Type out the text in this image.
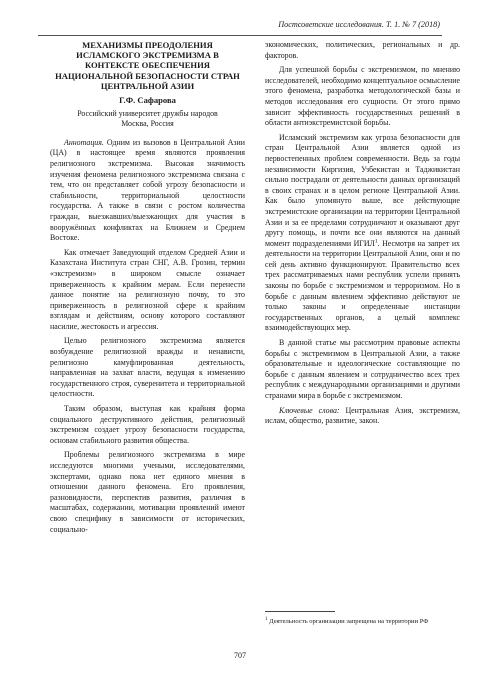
Постсоветские исследования. Т. 1. № 7 (2018)

МЕХАНИЗМЫ ПРЕОДОЛЕНИЯ ИСЛАМСКОГО ЭКСТРЕМИЗМА В КОНТЕКСТЕ ОБЕСПЕЧЕНИЯ НАЦИОНАЛЬНОЙ БЕЗОПАСНОСТИ СТРАН ЦЕНТРАЛЬНОЙ АЗИИ

Г.Ф. Сафарова

Российский университет дружбы народов
Москва, Россия

Аннотация. Одним из вызовов в Центральной Азии (ЦА) в настоящее время являются проявления религиозного экстремизма. Высокая значимость изучения феномена религиозного экстремизма связана с тем, что он представляет собой угрозу безопасности и стабильности, территориальной целостности государства. А также в связи с ростом количества граждан, выезжавших/выезжающих для участия в вооружённых конфликтах на Ближнем и Среднем Востоке.

Как отмечает Заведующий отделом Средней Азии и Казахстана Института стран СНГ, А.В. Грозин, термин «экстремизм» в широком смысле означает приверженность к крайним мерам. Если перенести данное понятие на религиозную почву, то это приверженность в религиозной сфере к крайним взглядам и действиям, основу которого составляют насилие, жестокость и агрессия.

Целью религиозного экстремизма является возбуждение религиозной вражды и ненависти, религиозно камуфлированная деятельность, направленная на захват власти, ведущая к изменению государственного строя, суверенитета и территориальной целостности.

Таким образом, выступая как крайняя форма социального деструктивного действия, религиозный экстремизм создает угрозу безопасности государства, основам стабильного развития общества.

Проблемы религиозного экстремизма в мире исследуются многими учеными, исследователями, экспертами, однако пока нет единого мнения в отношении данного феномена. Его проявления, разновидности, перспектив развития, различия в масштабах, содержании, мотивации проявлений имеют свою специфику в зависимости от исторических, социально-

экономических, политических, региональных и др. факторов.

Для успешной борьбы с экстремизмом, по мнению исследователей, необходимо концептуальное осмысление этого феномена, разработка методологической базы и методов исследования его сущности. От этого прямо зависит эффективность государственных решений в области антиэкстремистской борьбы.

Исламский экстремизм как угроза безопасности для стран Центральной Азии является одной из первостепенных проблем современности. Ведь за годы независимости Киргизия, Узбекистан и Таджикистан сильно пострадали от деятельности данных организаций в своих странах и в целом регионе Центральной Азии. Как было упомянуто выше, все действующие экстремистские организации на территории Центральной Азии и за ее пределами сотрудничают и оказывают друг другу помощь, и почти все они являются на данный момент подразделениями ИГИЛ$^1$. Несмотря на запрет их деятельности на территории Центральной Азии, они и по сей день активно функционируют. Правительство всех трех рассматриваемых нами республик успели принять законы по борьбе с экстремизмом и терроризмом. Но в борьбе с данным явлением эффективно действуют не только законы и определенные инстанции государственных органов, а целый комплекс взаимодействующих мер.

В данной статье мы рассмотрим правовые аспекты борьбы с экстремизмом в Центральной Азии, а также образовательные и идеологические составляющие по борьбе с данным явлением и сотрудничество всех трех республик с международными организациями и другими странами мира в борьбе с экстремизмом.

Ключевые слова: Центральная Азия, экстремизм, ислам, общество, развитие, закон.

$^1$ Деятельность организации запрещена на территории РФ
707
